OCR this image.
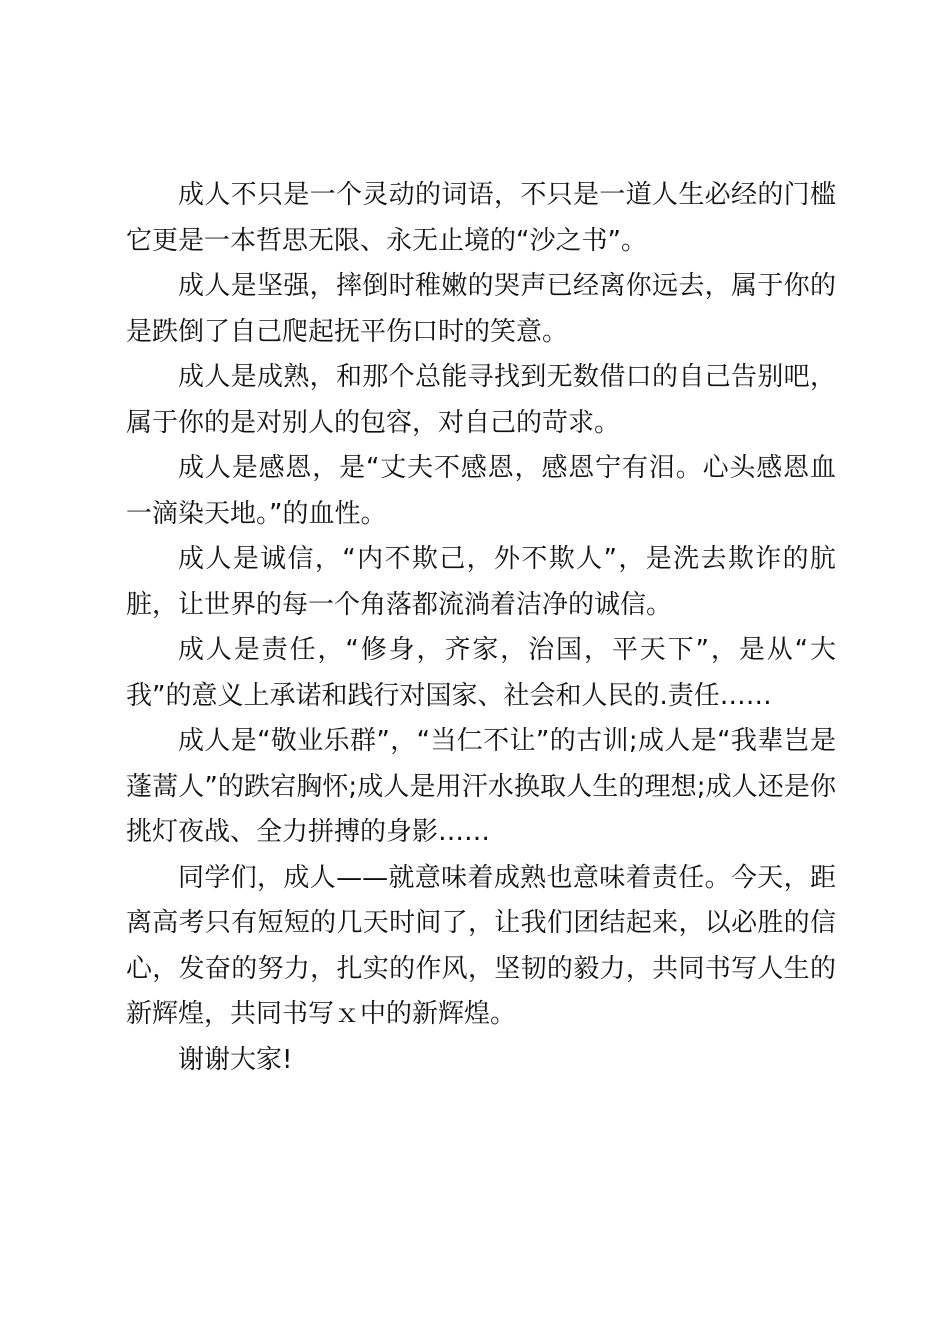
成人不只是一个灵动的词语，不只是一道人生必经的门槛它更是一本哲思无限、永无止境的“沙之书”。

成人是坚强，摔倒时稚嫩的哭声已经离你远去，属于你的是跌倒了自己爬起抚平伤口时的笑意。

成人是成熟，和那个总能寻找到无数借口的自己告别吧，属于你的是对别人的包容，对自己的苛求。

成人是感恩，是“丈夫不感恩，感恩宁有泪。心头感恩血一滴染天地。”的血性。

成人是诚信，“内不欺己，外不欺人”，是洗去欺诈的肮脏，让世界的每一个角落都流淌着洁净的诚信。

成人是责任，“修身，齐家，治国，平天下”，是从“大我”的意义上承诺和践行对国家、社会和人民的.责任……

成人是“敬业乐群”，“当仁不让”的古训;成人是“我辈岂是蓬蒿人”的跌宕胸怀;成人是用汗水换取人生的理想;成人还是你挑灯夜战、全力拼搏的身影……

同学们，成人——就意味着成熟也意味着责任。今天，距离高考只有短短的几天时间了，让我们团结起来，以必胜的信心，发奋的努力，扎实的作风，坚韧的毅力，共同书写人生的新辉煌，共同书写ｘ中的新辉煌。

谢谢大家!
